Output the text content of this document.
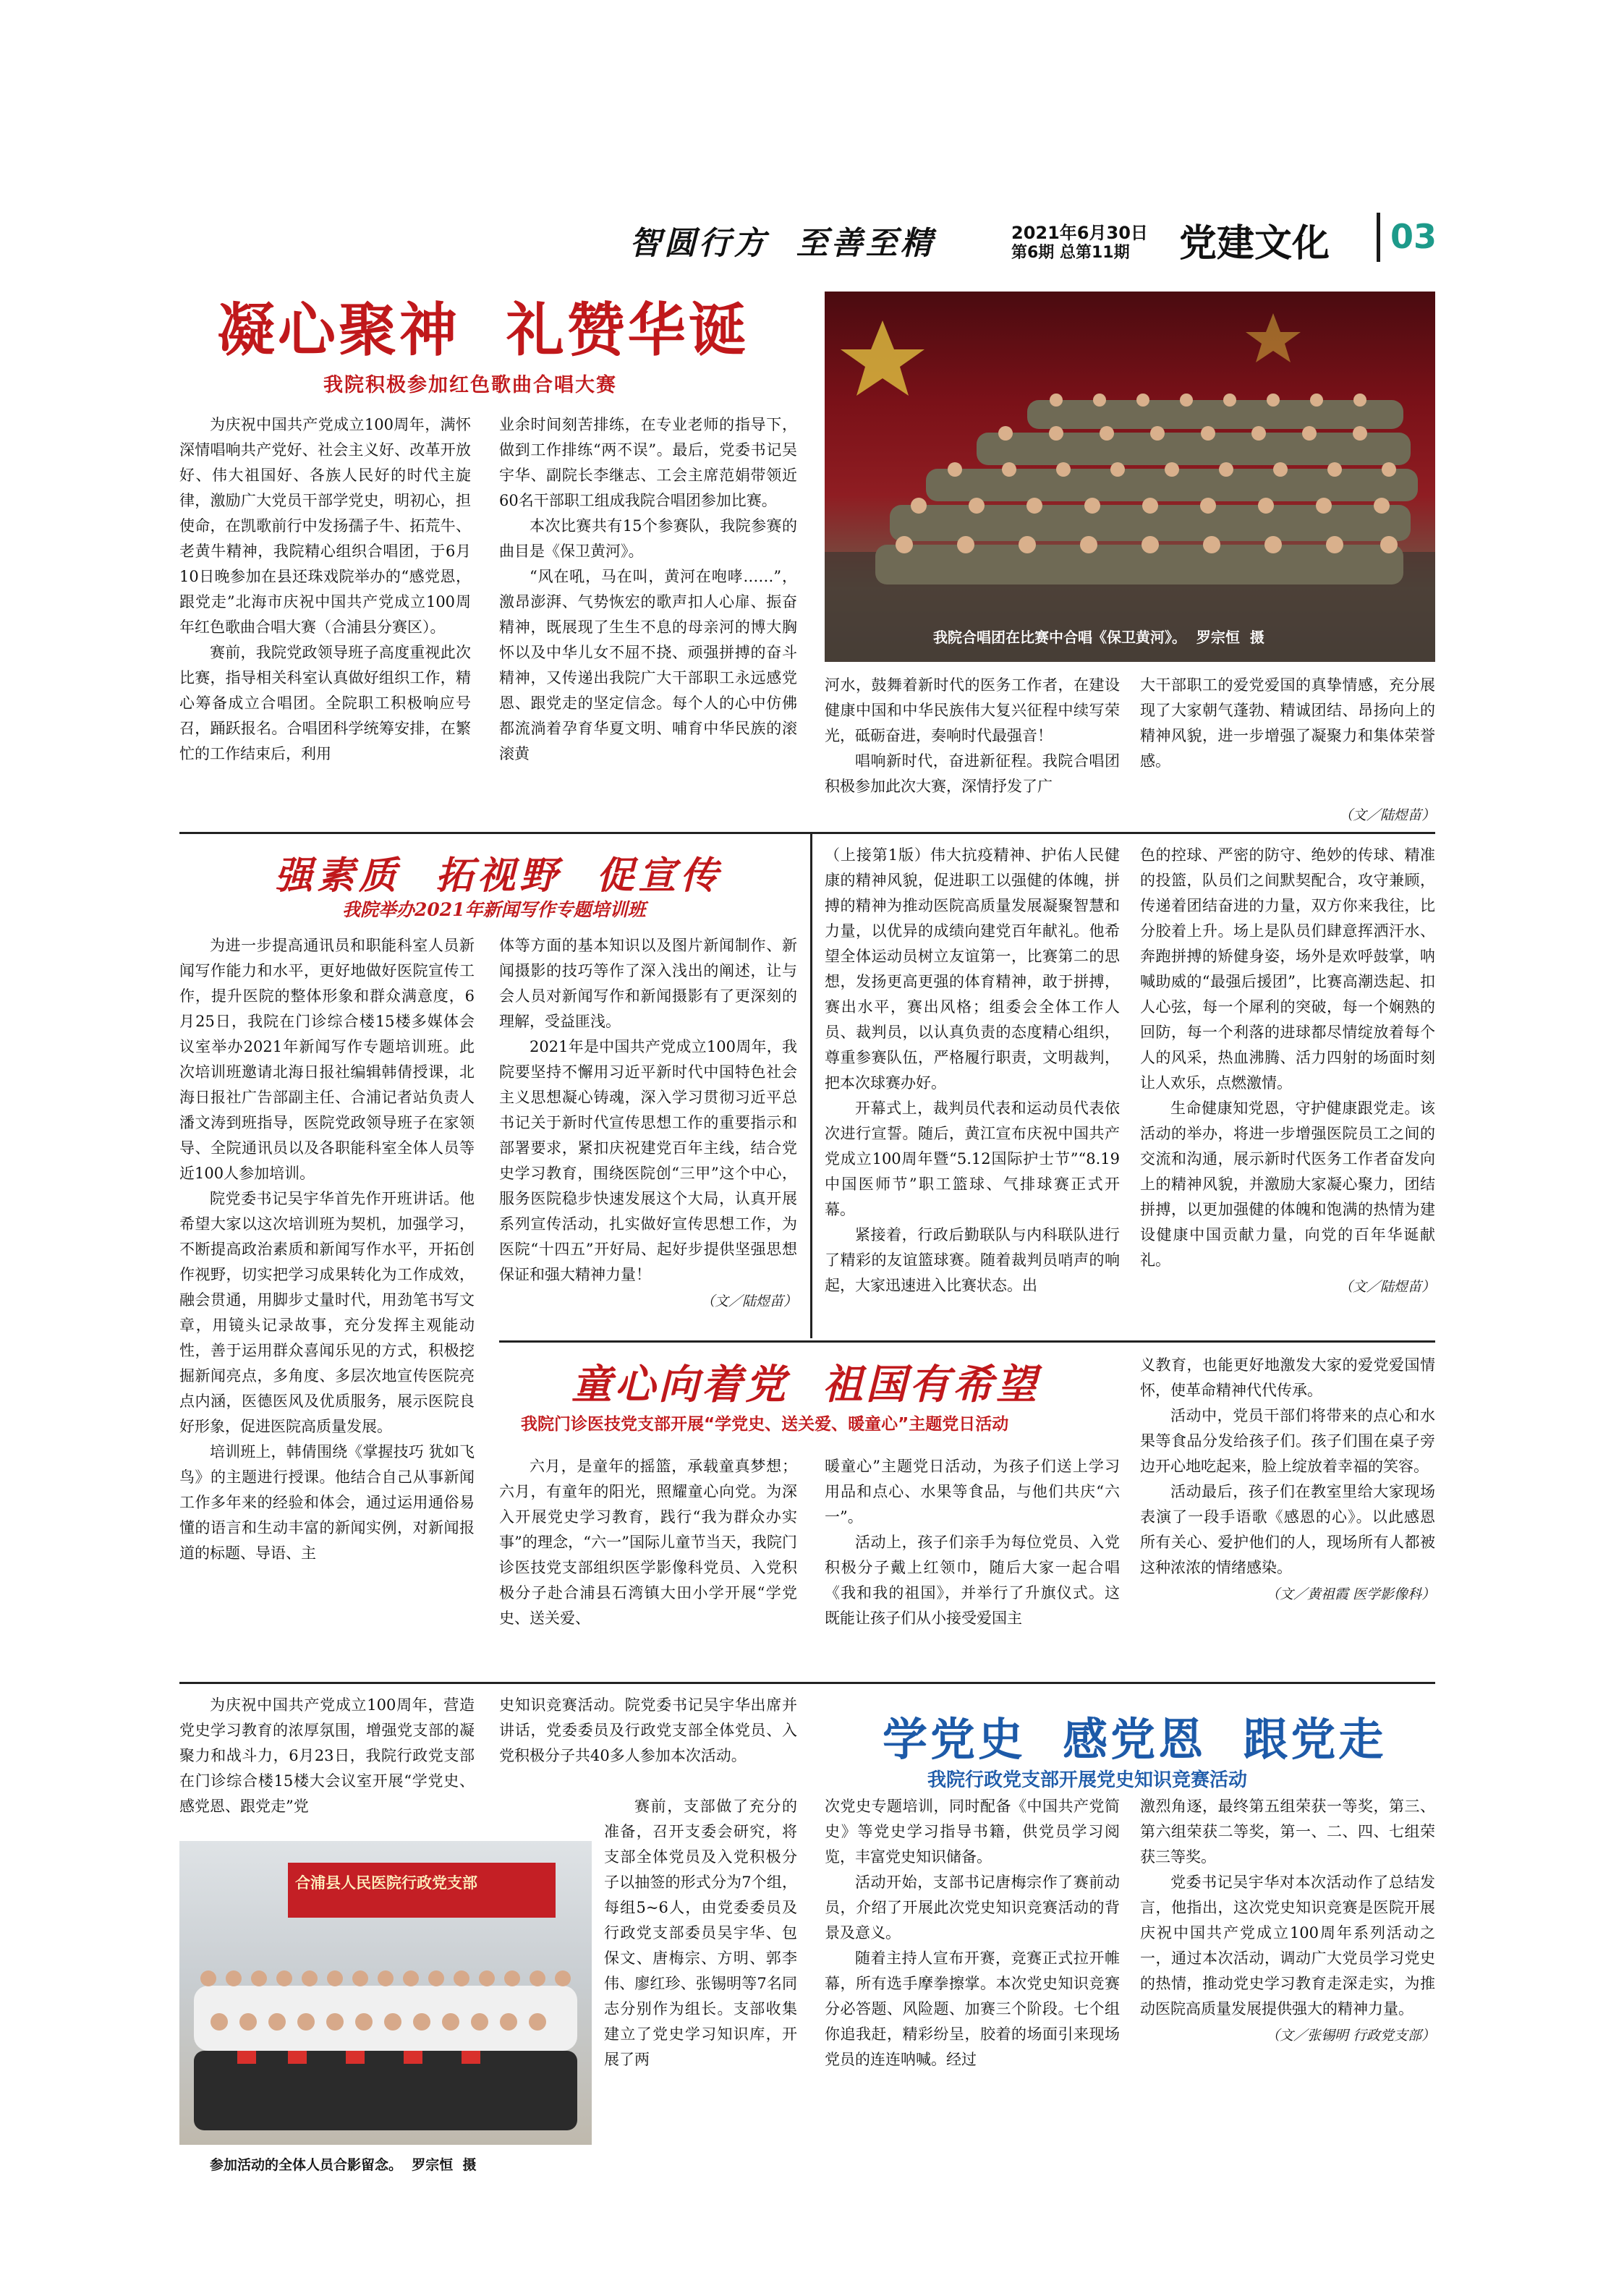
智圆行方  至善至精	2021年6月30日
第6期 总第11期 党建文化 03
凝心聚神  礼赞华诞
我院积极参加红色歌曲合唱大赛

为庆祝中国共产党成立100周年，满怀深情唱响共产党好、社会主义好、改革开放好、伟大祖国好、各族人民好的时代主旋律，激励广大党员干部学党史，明初心，担使命，在凯歌前行中发扬孺子牛、拓荒牛、老黄牛精神，我院精心组织合唱团，于6月10日晚参加在县还珠戏院举办的“感党恩，跟党走”北海市庆祝中国共产党成立100周年红色歌曲合唱大赛（合浦县分赛区）。

赛前，我院党政领导班子高度重视此次比赛，指导相关科室认真做好组织工作，精心筹备成立合唱团。全院职工积极响应号召，踊跃报名。合唱团科学统筹安排，在繁忙的工作结束后，利用

业余时间刻苦排练，在专业老师的指导下，做到工作排练“两不误”。最后，党委书记吴宇华、副院长李继志、工会主席范娟带领近60名干部职工组成我院合唱团参加比赛。

本次比赛共有15个参赛队，我院参赛的曲目是《保卫黄河》。

“风在吼，马在叫，黄河在咆哮……”，激昂澎湃、气势恢宏的歌声扣人心扉、振奋精神，既展现了生生不息的母亲河的博大胸怀以及中华儿女不屈不挠、顽强拼搏的奋斗精神，又传递出我院广大干部职工永远感党恩、跟党走的坚定信念。每个人的心中仿佛都流淌着孕育华夏文明、哺育中华民族的滚滚黄

我院合唱团在比赛中合唱《保卫黄河》。  罗宗恒  摄

河水，鼓舞着新时代的医务工作者，在建设健康中国和中华民族伟大复兴征程中续写荣光，砥砺奋进，奏响时代最强音！

唱响新时代，奋进新征程。我院合唱团积极参加此次大赛，深情抒发了广

大干部职工的爱党爱国的真挚情感，充分展现了大家朝气蓬勃、精诚团结、昂扬向上的精神风貌，进一步增强了凝聚力和集体荣誉感。

（文／陆煜苗）
强素质  拓视野  促宣传
我院举办2021年新闻写作专题培训班

为进一步提高通讯员和职能科室人员新闻写作能力和水平，更好地做好医院宣传工作，提升医院的整体形象和群众满意度，6月25日，我院在门诊综合楼15楼多媒体会议室举办2021年新闻写作专题培训班。此次培训班邀请北海日报社编辑韩倩授课，北海日报社广告部副主任、合浦记者站负责人潘文涛到班指导，医院党政领导班子在家领导、全院通讯员以及各职能科室全体人员等近100人参加培训。

院党委书记吴宇华首先作开班讲话。他希望大家以这次培训班为契机，加强学习，不断提高政治素质和新闻写作水平，开拓创作视野，切实把学习成果转化为工作成效，融会贯通，用脚步丈量时代，用劲笔书写文章，用镜头记录故事，充分发挥主观能动性，善于运用群众喜闻乐见的方式，积极挖掘新闻亮点，多角度、多层次地宣传医院亮点内涵，医德医风及优质服务，展示医院良好形象，促进医院高质量发展。

培训班上，韩倩围绕《掌握技巧 犹如飞鸟》的主题进行授课。他结合自己从事新闻工作多年来的经验和体会，通过运用通俗易懂的语言和生动丰富的新闻实例，对新闻报道的标题、导语、主

体等方面的基本知识以及图片新闻制作、新闻摄影的技巧等作了深入浅出的阐述，让与会人员对新闻写作和新闻摄影有了更深刻的理解，受益匪浅。

2021年是中国共产党成立100周年，我院要坚持不懈用习近平新时代中国特色社会主义思想凝心铸魂，深入学习贯彻习近平总书记关于新时代宣传思想工作的重要指示和部署要求，紧扣庆祝建党百年主线，结合党史学习教育，围绕医院创“三甲”这个中心，服务医院稳步快速发展这个大局，认真开展系列宣传活动，扎实做好宣传思想工作，为医院“十四五”开好局、起好步提供坚强思想保证和强大精神力量！

（文／陆煜苗）

（上接第1版）伟大抗疫精神、护佑人民健康的精神风貌，促进职工以强健的体魄，拼搏的精神为推动医院高质量发展凝聚智慧和力量，以优异的成绩向建党百年献礼。他希望全体运动员树立友谊第一，比赛第二的思想，发扬更高更强的体育精神，敢于拼搏，赛出水平，赛出风格；组委会全体工作人员、裁判员，以认真负责的态度精心组织，尊重参赛队伍，严格履行职责，文明裁判，把本次球赛办好。

开幕式上，裁判员代表和运动员代表依次进行宣誓。随后，黄江宣布庆祝中国共产党成立100周年暨“5.12国际护士节”“8.19中国医师节”职工篮球、气排球赛正式开幕。

紧接着，行政后勤联队与内科联队进行了精彩的友谊篮球赛。随着裁判员哨声的响起，大家迅速进入比赛状态。出

色的控球、严密的防守、绝妙的传球、精准的投篮，队员们之间默契配合，攻守兼顾，传递着团结奋进的力量，双方你来我往，比分胶着上升。场上是队员们肆意挥洒汗水、奔跑拼搏的矫健身姿，场外是欢呼鼓掌，呐喊助威的“最强后援团”，比赛高潮迭起、扣人心弦，每一个犀利的突破，每一个娴熟的回防，每一个利落的进球都尽情绽放着每个人的风采，热血沸腾、活力四射的场面时刻让人欢乐，点燃激情。

生命健康知党恩，守护健康跟党走。该活动的举办，将进一步增强医院员工之间的交流和沟通，展示新时代医务工作者奋发向上的精神风貌，并激励大家凝心聚力，团结拼搏，以更加强健的体魄和饱满的热情为建设健康中国贡献力量，向党的百年华诞献礼。

（文／陆煜苗）
童心向着党  祖国有希望
我院门诊医技党支部开展“学党史、送关爱、暖童心”主题党日活动

六月，是童年的摇篮，承载童真梦想；六月，有童年的阳光，照耀童心向党。为深入开展党史学习教育，践行“我为群众办实事”的理念，“六一”国际儿童节当天，我院门诊医技党支部组织医学影像科党员、入党积极分子赴合浦县石湾镇大田小学开展“学党史、送关爱、

暖童心”主题党日活动，为孩子们送上学习用品和点心、水果等食品，与他们共庆“六一”。

活动上，孩子们亲手为每位党员、入党积极分子戴上红领巾，随后大家一起合唱《我和我的祖国》，并举行了升旗仪式。这既能让孩子们从小接受爱国主

义教育，也能更好地激发大家的爱党爱国情怀，使革命精神代代传承。

活动中，党员干部们将带来的点心和水果等食品分发给孩子们。孩子们围在桌子旁边开心地吃起来，脸上绽放着幸福的笑容。

活动最后，孩子们在教室里给大家现场表演了一段手语歌《感恩的心》。以此感恩所有关心、爱护他们的人，现场所有人都被这种浓浓的情绪感染。

（文／黄祖霞 医学影像科）
学党史  感党恩  跟党走
我院行政党支部开展党史知识竞赛活动

为庆祝中国共产党成立100周年，营造党史学习教育的浓厚氛围，增强党支部的凝聚力和战斗力，6月23日，我院行政党支部在门诊综合楼15楼大会议室开展“学党史、感党恩、跟党走”党

史知识竞赛活动。院党委书记吴宇华出席并讲话，党委委员及行政党支部全体党员、入党积极分子共40多人参加本次活动。

合浦县人民医院行政党支部
参加活动的全体人员合影留念。  罗宗恒  摄

赛前，支部做了充分的准备，召开支委会研究，将支部全体党员及入党积极分子以抽签的形式分为7个组，每组5~6人，由党委委员及行政党支部委员吴宇华、包保文、唐梅宗、方明、郭李伟、廖红珍、张锡明等7名同志分别作为组长。支部收集建立了党史学习知识库，开展了两

次党史专题培训，同时配备《中国共产党简史》等党史学习指导书籍，供党员学习阅览，丰富党史知识储备。

活动开始，支部书记唐梅宗作了赛前动员，介绍了开展此次党史知识竞赛活动的背景及意义。

随着主持人宣布开赛，竞赛正式拉开帷幕，所有选手摩拳擦掌。本次党史知识竞赛分必答题、风险题、加赛三个阶段。七个组你追我赶，精彩纷呈，胶着的场面引来现场党员的连连呐喊。经过

激烈角逐，最终第五组荣获一等奖，第三、第六组荣获二等奖，第一、二、四、七组荣获三等奖。

党委书记吴宇华对本次活动作了总结发言，他指出，这次党史知识竞赛是医院开展庆祝中国共产党成立100周年系列活动之一，通过本次活动，调动广大党员学习党史的热情，推动党史学习教育走深走实，为推动医院高质量发展提供强大的精神力量。

（文／张锡明 行政党支部）
